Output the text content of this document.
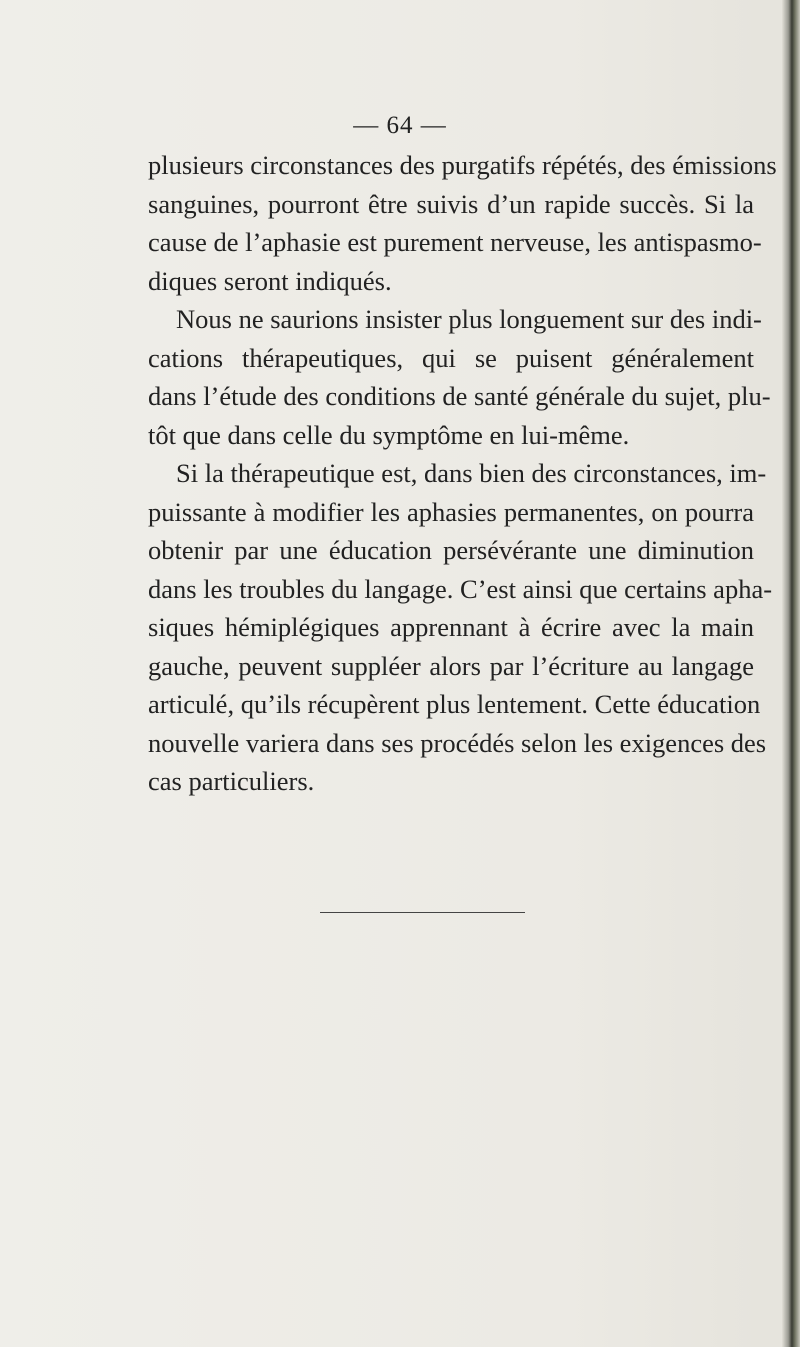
— 64 —
plusieurs circonstances des purgatifs répétés, des émissions
sanguines, pourront être suivis d’un rapide succès. Si la
cause de l’aphasie est purement nerveuse, les antispasmo-
diques seront indiqués.
Nous ne saurions insister plus longuement sur des indi-
cations thérapeutiques, qui se puisent généralement
dans l’étude des conditions de santé générale du sujet, plu-
tôt que dans celle du symptôme en lui-même.
Si la thérapeutique est, dans bien des circonstances, im-
puissante à modifier les aphasies permanentes, on pourra
obtenir par une éducation persévérante une diminution
dans les troubles du langage. C’est ainsi que certains apha-
siques hémiplégiques apprennant à écrire avec la main
gauche, peuvent suppléer alors par l’écriture au langage
articulé, qu’ils récupèrent plus lentement. Cette éducation
nouvelle variera dans ses procédés selon les exigences des
cas particuliers.
